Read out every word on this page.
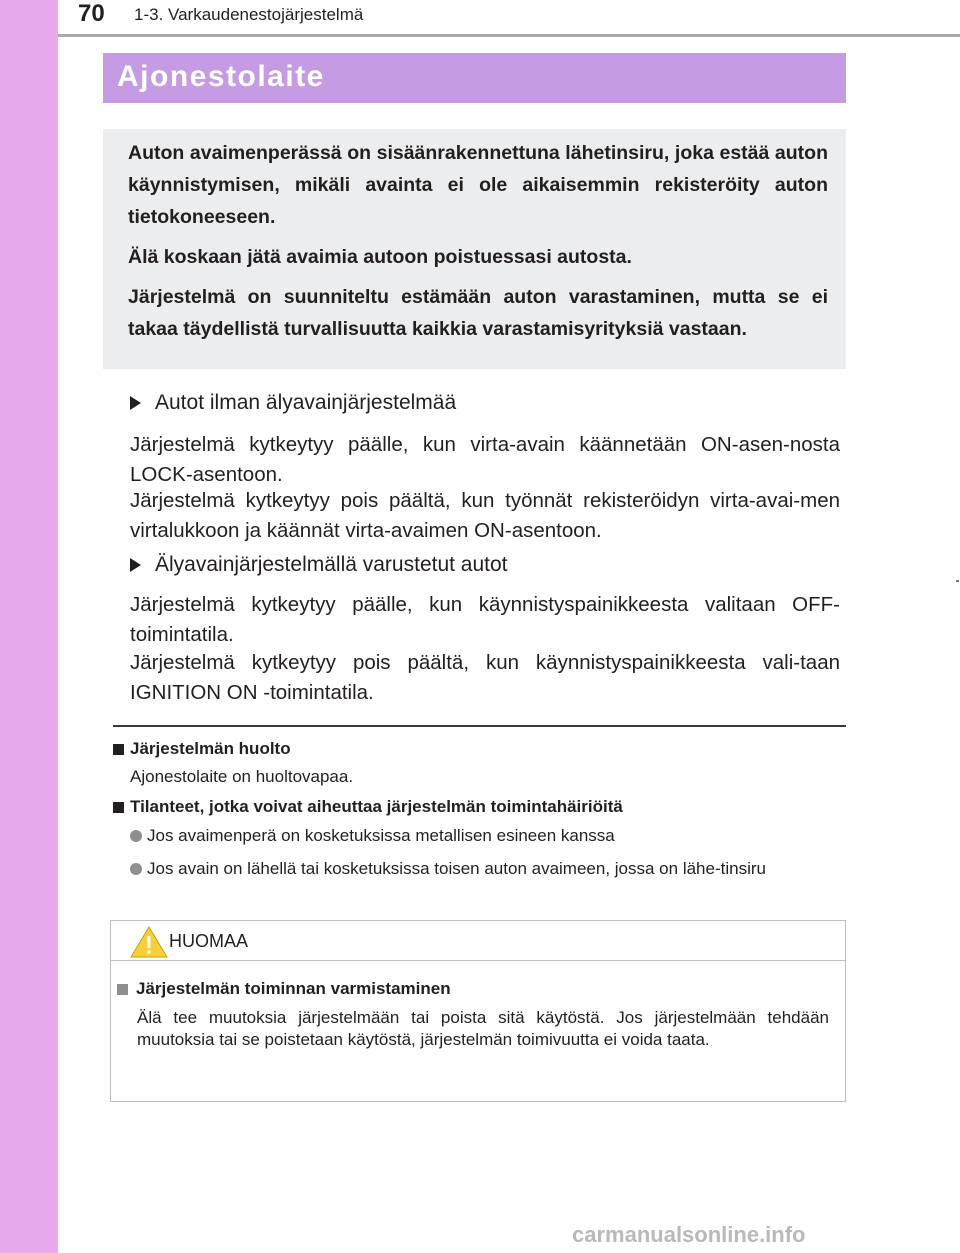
70 1-3. Varkaudenestojärjestelmä
Ajonestolaite

Auton avaimenperässä on sisäänrakennettuna lähetinsiru, joka estää auton käynnistymisen, mikäli avainta ei ole aikaisemmin rekisteröity auton tietokoneeseen.

Älä koskaan jätä avaimia autoon poistuessasi autosta.

Järjestelmä on suunniteltu estämään auton varastaminen, mutta se ei takaa täydellistä turvallisuutta kaikkia varastamisyrityksiä vastaan.

Autot ilman älyavainjärjestelmää

Järjestelmä kytkeytyy päälle, kun virta-avain käännetään ON-asen-nosta LOCK-asentoon.

Järjestelmä kytkeytyy pois päältä, kun työnnät rekisteröidyn virta-avai-men virtalukkoon ja käännät virta-avaimen ON-asentoon.

Älyavainjärjestelmällä varustetut autot

Järjestelmä kytkeytyy päälle, kun käynnistyspainikkeesta valitaan OFF-toimintatila.

Järjestelmä kytkeytyy pois päältä, kun käynnistyspainikkeesta vali-taan IGNITION ON -toimintatila.

Järjestelmän huolto

Ajonestolaite on huoltovapaa.

Tilanteet, jotka voivat aiheuttaa järjestelmän toimintahäiriöitä
Jos avaimenperä on kosketuksissa metallisen esineen kanssa
Jos avain on lähellä tai kosketuksissa toisen auton avaimeen, jossa on lähe-tinsiru
HUOMAA
Järjestelmän toiminnan varmistaminen

Älä tee muutoksia järjestelmään tai poista sitä käytöstä. Jos järjestelmään tehdään muutoksia tai se poistetaan käytöstä, järjestelmän toimivuutta ei voida taata.

carmanualsonline.info
